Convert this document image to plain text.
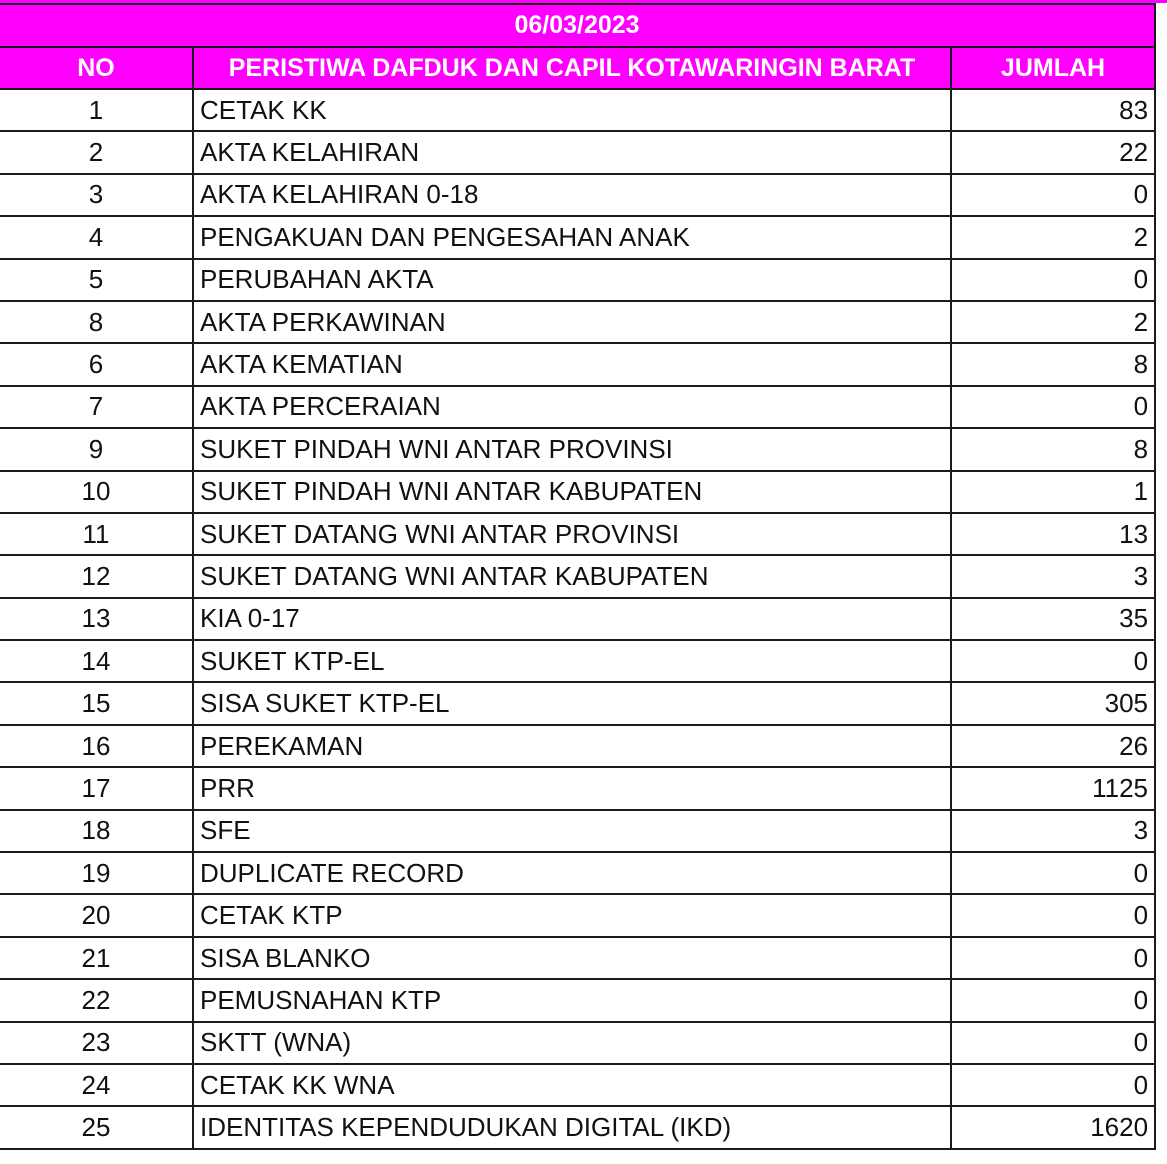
06/03/2023		
NO	PERISTIWA DAFDUK DAN CAPIL KOTAWARINGIN BARAT	JUMLAH
1	CETAK KK	83
2	AKTA KELAHIRAN	22
3	AKTA KELAHIRAN 0-18	0
4	PENGAKUAN DAN PENGESAHAN ANAK	2
5	PERUBAHAN AKTA	0
8	AKTA PERKAWINAN	2
6	AKTA KEMATIAN	8
7	AKTA PERCERAIAN	0
9	SUKET PINDAH WNI ANTAR PROVINSI	8
10	SUKET PINDAH WNI ANTAR KABUPATEN	1
11	SUKET DATANG WNI ANTAR PROVINSI	13
12	SUKET DATANG WNI ANTAR KABUPATEN	3
13	KIA 0-17	35
14	SUKET KTP-EL	0
15	SISA SUKET KTP-EL	305
16	PEREKAMAN	26
17	PRR	1125
18	SFE	3
19	DUPLICATE RECORD	0
20	CETAK KTP	0
21	SISA BLANKO	0
22	PEMUSNAHAN KTP	0
23	SKTT (WNA)	0
24	CETAK KK WNA	0
25	IDENTITAS KEPENDUDUKAN DIGITAL (IKD)	1620
